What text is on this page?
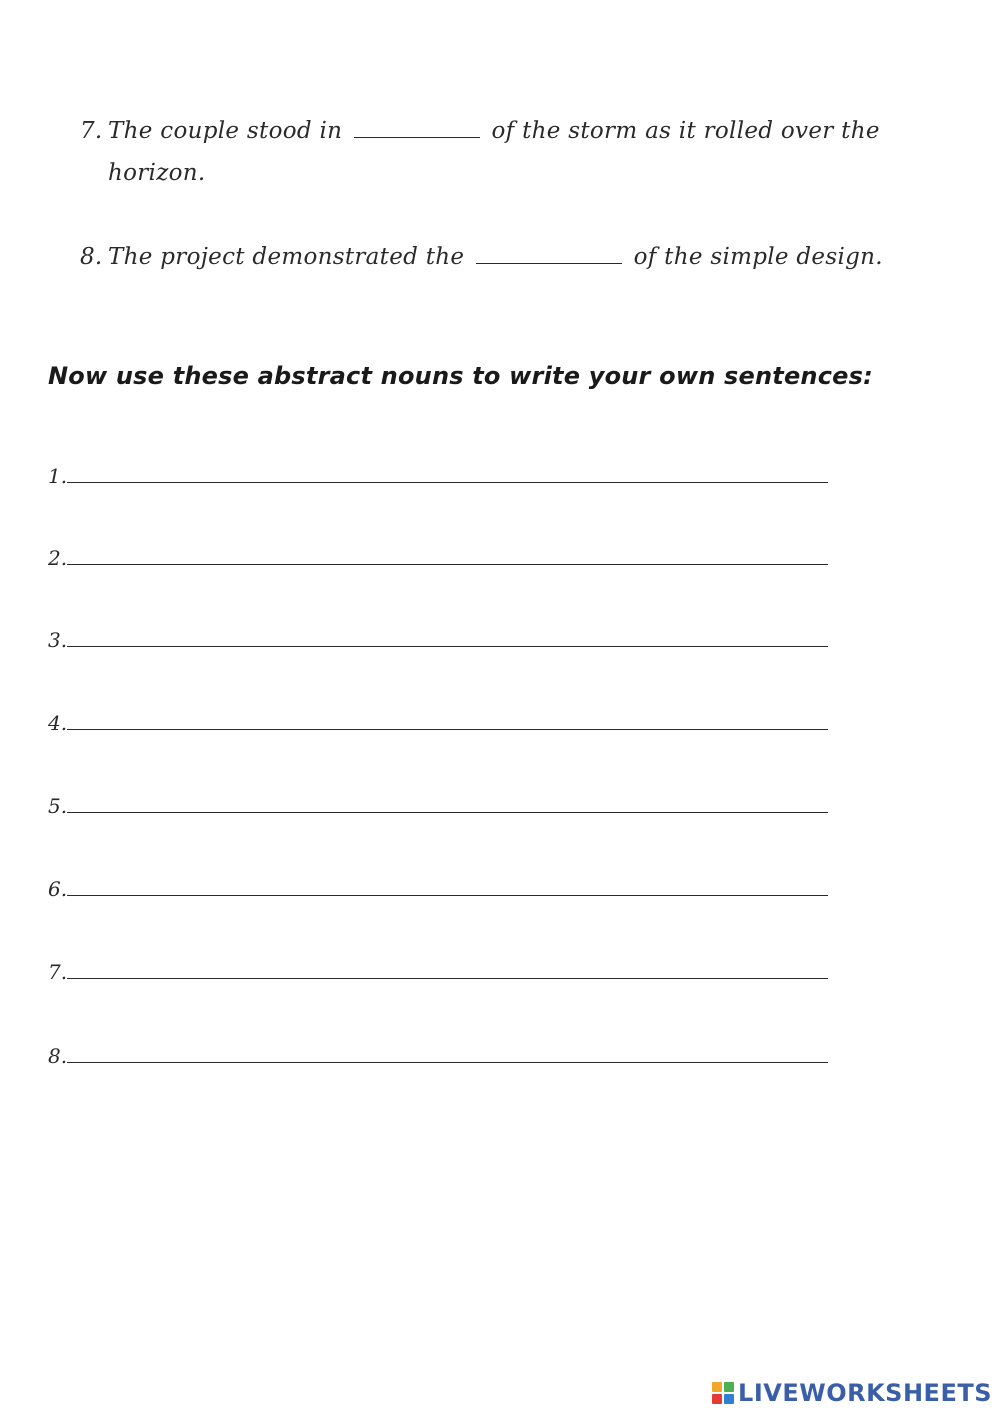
7. The couple stood in	of the storm as it rolled over the
horizon.
8. The project demonstrated the	of the simple design.
Now use these abstract nouns to write your own sentences:
1.
2.
3.
4.
5.
6.
7.
8.
LIVEWORKSHEETS
